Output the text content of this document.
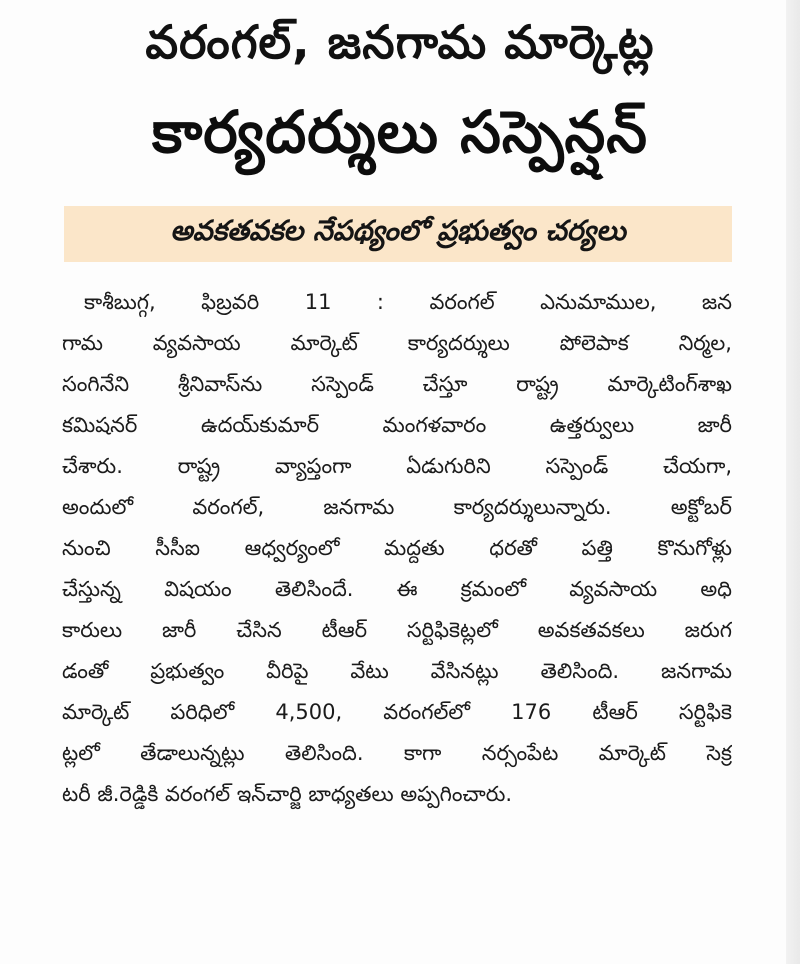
వరంగల్‌, జనగామ మార్కెట్ల
కార్యదర్శులు సస్పెన్షన్‌
అవకతవకల నేపథ్యంలో ప్రభుత్వం చర్యలు
కాశీబుగ్గ, ఫిబ్రవరి 11 : వరంగల్‌ ఎనుమాముల, జన
గామ వ్యవసాయ మార్కెట్‌ కార్యదర్శులు పోలెపాక నిర్మల,
సంగినేని శ్రీనివాస్‌ను సస్పెండ్‌ చేస్తూ రాష్ట్ర మార్కెటింగ్‌శాఖ
కమిషనర్‌ ఉదయ్‌కుమార్‌ మంగళవారం ఉత్తర్వులు జారీ
చేశారు. రాష్ట్ర వ్యాప్తంగా ఏడుగురిని సస్పెండ్‌ చేయగా,
అందులో వరంగల్‌, జనగామ కార్యదర్శులున్నారు. అక్టోబర్‌
నుంచి సీసీఐ ఆధ్వర్యంలో మద్దతు ధరతో పత్తి కొనుగోళ్లు
చేస్తున్న విషయం తెలిసిందే. ఈ క్రమంలో వ్యవసాయ అధి
కారులు జారీ చేసిన టీఆర్‌ సర్టిఫికెట్లలో అవకతవకలు జరుగ
డంతో ప్రభుత్వం వీరిపై వేటు వేసినట్లు తెలిసింది. జనగామ
మార్కెట్‌ పరిధిలో 4,500, వరంగల్‌లో 176 టీఆర్‌ సర్టిఫికె
ట్లలో తేడాలున్నట్లు తెలిసింది. కాగా నర్సంపేట మార్కెట్‌ సెక్ర
టరీ జీ.రెడ్డికి వరంగల్‌ ఇన్‌చార్జి బాధ్యతలు అప్పగించారు.
